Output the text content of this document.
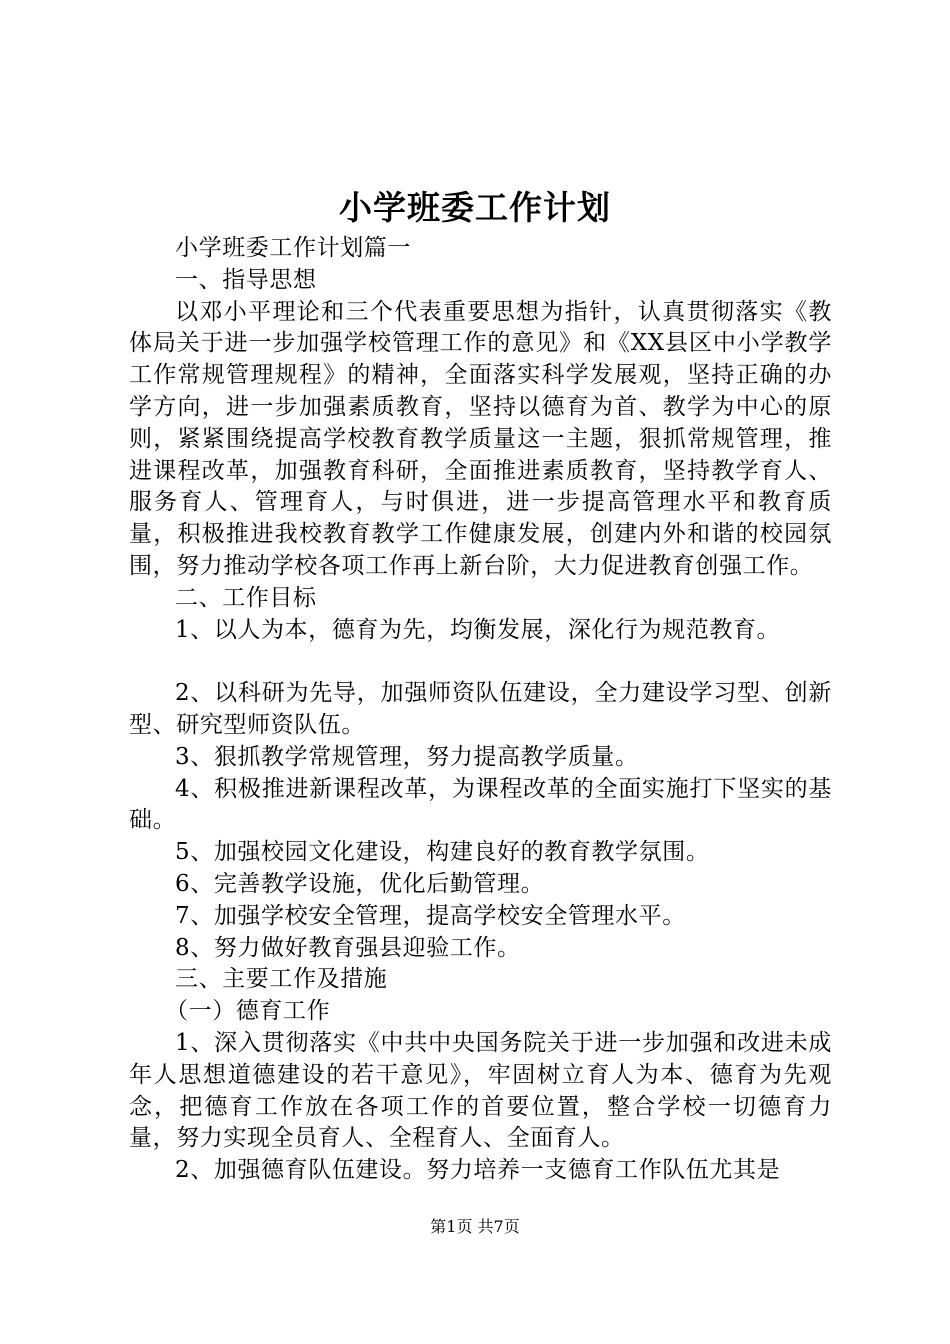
小学班委工作计划

小学班委工作计划篇一

一、指导思想

以邓小平理论和三个代表重要思想为指针，认真贯彻落实《教体局关于进一步加强学校管理工作的意见》和《XX县区中小学教学工作常规管理规程》的精神，全面落实科学发展观，坚持正确的办学方向，进一步加强素质教育，坚持以德育为首、教学为中心的原则，紧紧围绕提高学校教育教学质量这一主题，狠抓常规管理，推进课程改革，加强教育科研，全面推进素质教育，坚持教学育人、服务育人、管理育人，与时俱进，进一步提高管理水平和教育质量，积极推进我校教育教学工作健康发展，创建内外和谐的校园氛围，努力推动学校各项工作再上新台阶，大力促进教育创强工作。

二、工作目标

1、以人为本，德育为先，均衡发展，深化行为规范教育。

2、以科研为先导，加强师资队伍建设，全力建设学习型、创新型、研究型师资队伍。

3、狠抓教学常规管理，努力提高教学质量。

4、积极推进新课程改革，为课程改革的全面实施打下坚实的基础。

5、加强校园文化建设，构建良好的教育教学氛围。

6、完善教学设施，优化后勤管理。

7、加强学校安全管理，提高学校安全管理水平。

8、努力做好教育强县迎验工作。

三、主要工作及措施

（一）德育工作

1、深入贯彻落实《中共中央国务院关于进一步加强和改进未成年人思想道德建设的若干意见》，牢固树立育人为本、德育为先观念，把德育工作放在各项工作的首要位置，整合学校一切德育力量，努力实现全员育人、全程育人、全面育人。

2、加强德育队伍建设。努力培养一支德育工作队伍尤其是

第1页 共7页
